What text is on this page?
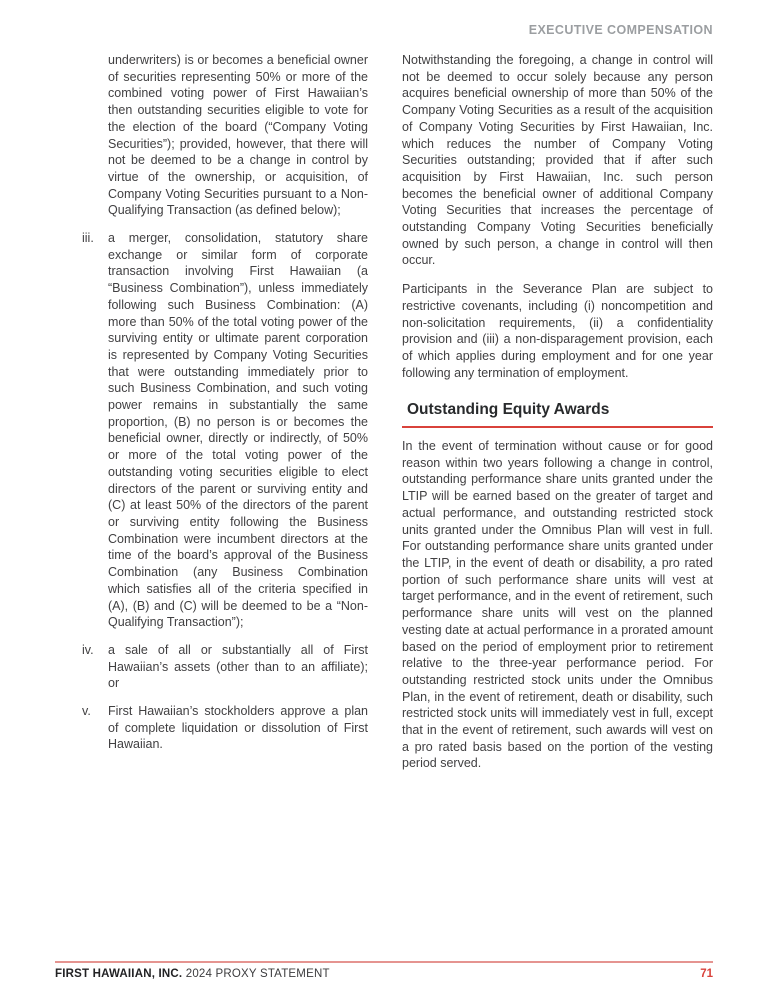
EXECUTIVE COMPENSATION
underwriters) is or becomes a beneficial owner of securities representing 50% or more of the combined voting power of First Hawaiian’s then outstanding securities eligible to vote for the election of the board (“Company Voting Securities”); provided, however, that there will not be deemed to be a change in control by virtue of the ownership, or acquisition, of Company Voting Securities pursuant to a Non-Qualifying Transaction (as defined below);
iii.	a merger, consolidation, statutory share exchange or similar form of corporate transaction involving First Hawaiian (a “Business Combination”), unless immediately following such Business Combination: (A) more than 50% of the total voting power of the surviving entity or ultimate parent corporation is represented by Company Voting Securities that were outstanding immediately prior to such Business Combination, and such voting power remains in substantially the same proportion, (B) no person is or becomes the beneficial owner, directly or indirectly, of 50% or more of the total voting power of the outstanding voting securities eligible to elect directors of the parent or surviving entity and (C) at least 50% of the directors of the parent or surviving entity following the Business Combination were incumbent directors at the time of the board’s approval of the Business Combination (any Business Combination which satisfies all of the criteria specified in (A), (B) and (C) will be deemed to be a “Non-Qualifying Transaction”);
iv.	a sale of all or substantially all of First Hawaiian’s assets (other than to an affiliate); or
v.	First Hawaiian’s stockholders approve a plan of complete liquidation or dissolution of First Hawaiian.
Notwithstanding the foregoing, a change in control will not be deemed to occur solely because any person acquires beneficial ownership of more than 50% of the Company Voting Securities as a result of the acquisition of Company Voting Securities by First Hawaiian, Inc. which reduces the number of Company Voting Securities outstanding; provided that if after such acquisition by First Hawaiian, Inc. such person becomes the beneficial owner of additional Company Voting Securities that increases the percentage of outstanding Company Voting Securities beneficially owned by such person, a change in control will then occur.
Participants in the Severance Plan are subject to restrictive covenants, including (i) noncompetition and non-solicitation requirements, (ii) a confidentiality provision and (iii) a non-disparagement provision, each of which applies during employment and for one year following any termination of employment.
Outstanding Equity Awards
In the event of termination without cause or for good reason within two years following a change in control, outstanding performance share units granted under the LTIP will be earned based on the greater of target and actual performance, and outstanding restricted stock units granted under the Omnibus Plan will vest in full. For outstanding performance share units granted under the LTIP, in the event of death or disability, a pro rated portion of such performance share units will vest at target performance, and in the event of retirement, such performance share units will vest on the planned vesting date at actual performance in a prorated amount based on the period of employment prior to retirement relative to the three-year performance period. For outstanding restricted stock units under the Omnibus Plan, in the event of retirement, death or disability, such restricted stock units will immediately vest in full, except that in the event of retirement, such awards will vest on a pro rated basis based on the portion of the vesting period served.
FIRST HAWAIIAN, INC. 2024 PROXY STATEMENT	71
